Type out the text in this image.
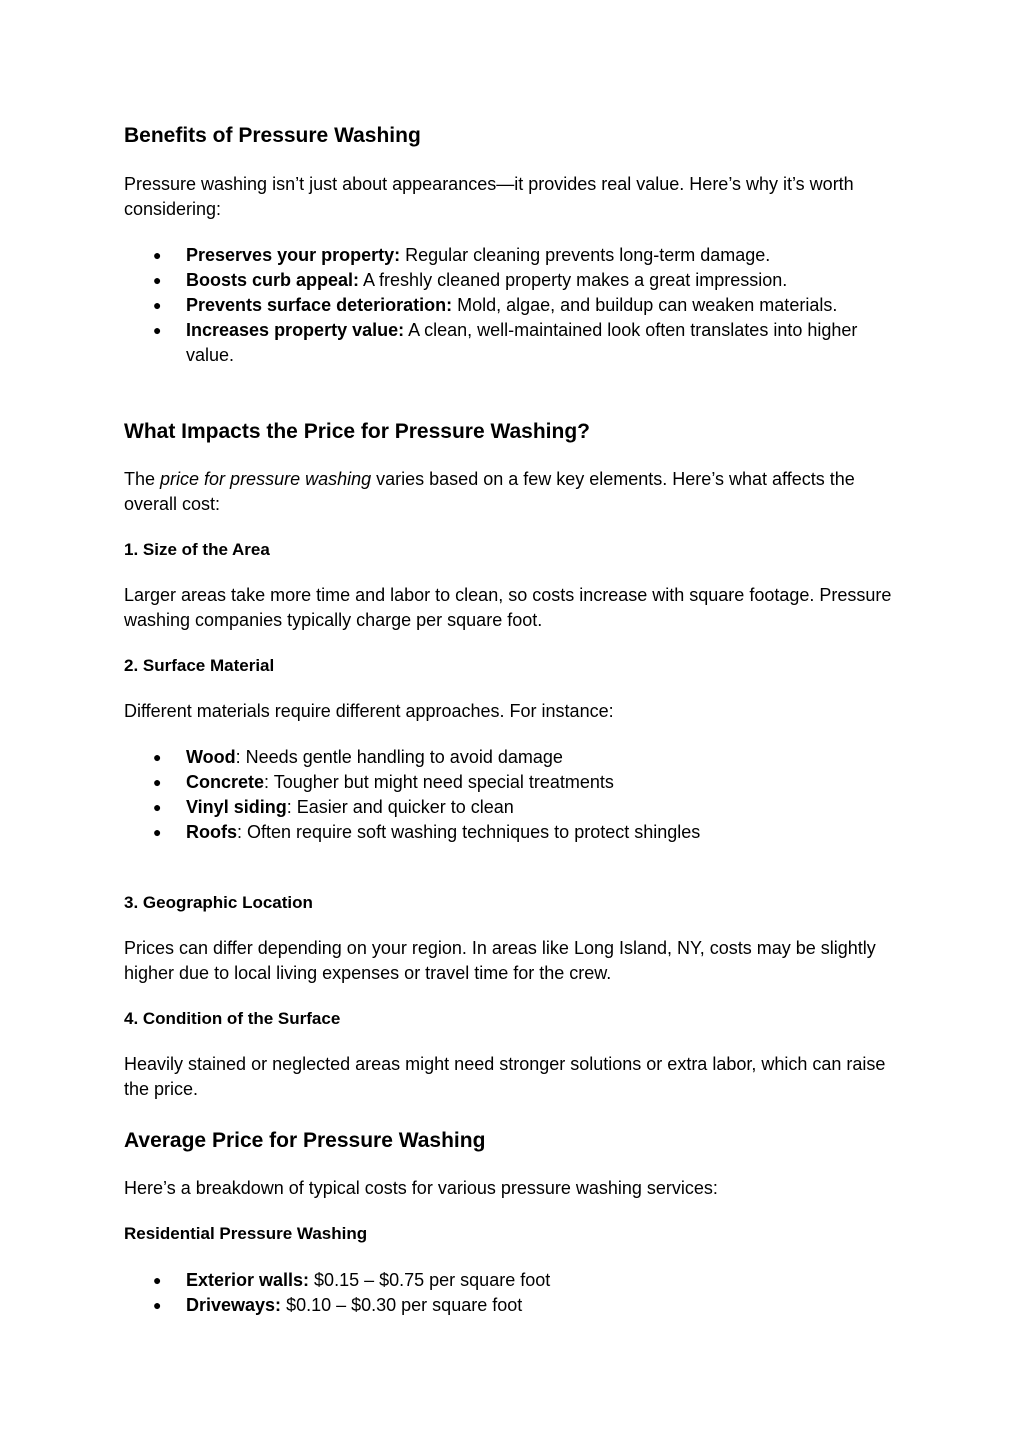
Benefits of Pressure Washing

Pressure washing isn’t just about appearances—it provides real value. Here’s why it’s worth considering:

● Preserves your property: Regular cleaning prevents long-term damage.
● Boosts curb appeal: A freshly cleaned property makes a great impression.
● Prevents surface deterioration: Mold, algae, and buildup can weaken materials.
● Increases property value: A clean, well-maintained look often translates into higher value.
What Impacts the Price for Pressure Washing?

The price for pressure washing varies based on a few key elements. Here’s what affects the overall cost:

1. Size of the Area

Larger areas take more time and labor to clean, so costs increase with square footage. Pressure washing companies typically charge per square foot.

2. Surface Material

Different materials require different approaches. For instance:

● Wood: Needs gentle handling to avoid damage
● Concrete: Tougher but might need special treatments
● Vinyl siding: Easier and quicker to clean
● Roofs: Often require soft washing techniques to protect shingles
3. Geographic Location

Prices can differ depending on your region. In areas like Long Island, NY, costs may be slightly higher due to local living expenses or travel time for the crew.

4. Condition of the Surface

Heavily stained or neglected areas might need stronger solutions or extra labor, which can raise the price.

Average Price for Pressure Washing

Here’s a breakdown of typical costs for various pressure washing services:

Residential Pressure Washing
● Exterior walls: $0.15 – $0.75 per square foot
● Driveways: $0.10 – $0.30 per square foot
